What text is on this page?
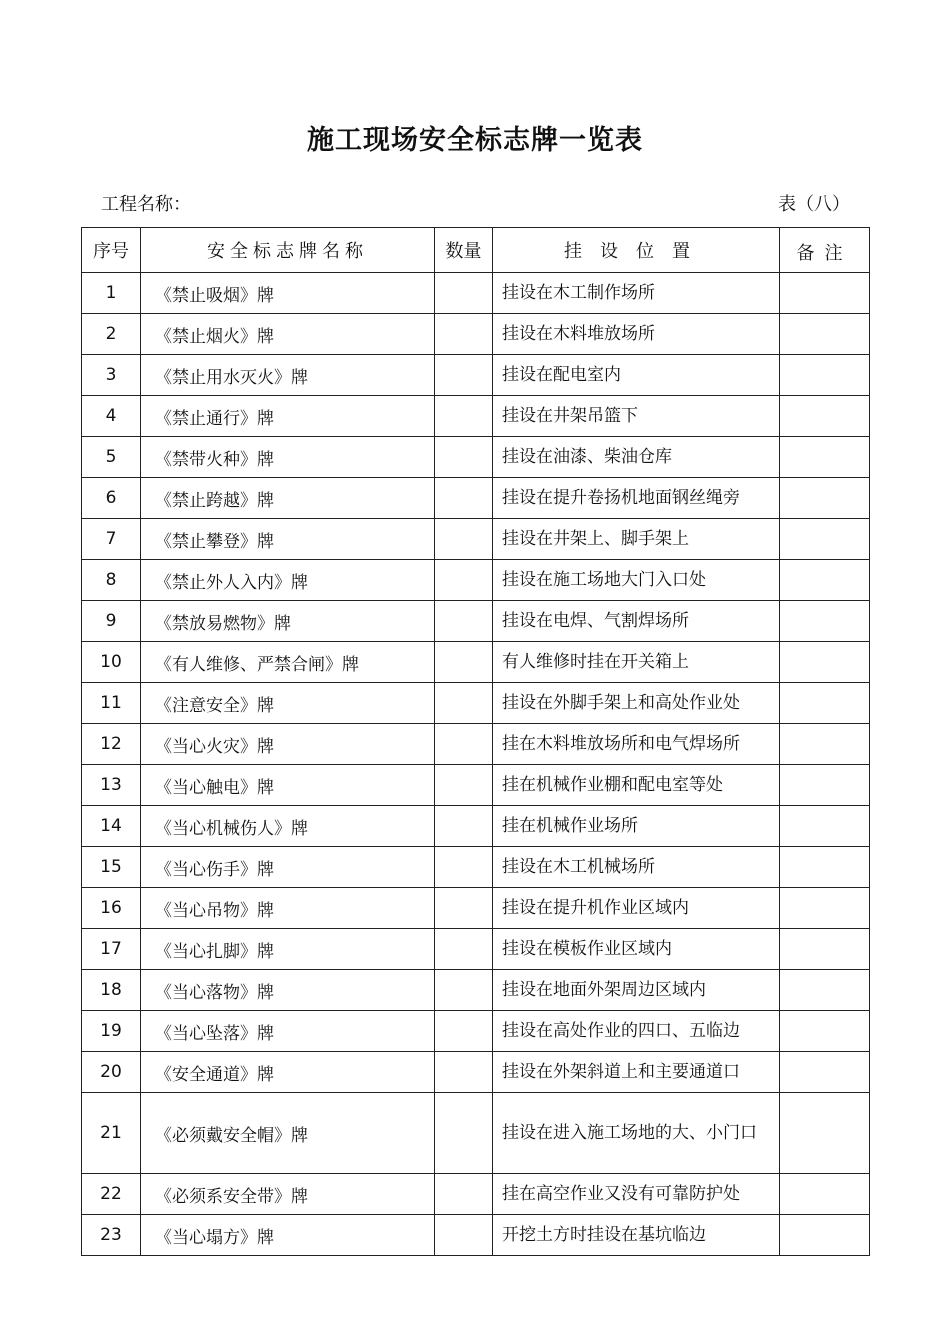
施工现场安全标志牌一览表
工程名称：	表（八）
序号	安全标志牌名称	数量	挂设位置	备注
1	《禁止吸烟》牌		挂设在木工制作场所	
2	《禁止烟火》牌		挂设在木料堆放场所	
3	《禁止用水灭火》牌		挂设在配电室内	
4	《禁止通行》牌		挂设在井架吊篮下	
5	《禁带火种》牌		挂设在油漆、柴油仓库	
6	《禁止跨越》牌		挂设在提升卷扬机地面钢丝绳旁	
7	《禁止攀登》牌		挂设在井架上、脚手架上	
8	《禁止外人入内》牌		挂设在施工场地大门入口处	
9	《禁放易燃物》牌		挂设在电焊、气割焊场所	
10	《有人维修、严禁合闸》牌		有人维修时挂在开关箱上	
11	《注意安全》牌		挂设在外脚手架上和高处作业处	
12	《当心火灾》牌		挂在木料堆放场所和电气焊场所	
13	《当心触电》牌		挂在机械作业棚和配电室等处	
14	《当心机械伤人》牌		挂在机械作业场所	
15	《当心伤手》牌		挂设在木工机械场所	
16	《当心吊物》牌		挂设在提升机作业区域内	
17	《当心扎脚》牌		挂设在模板作业区域内	
18	《当心落物》牌		挂设在地面外架周边区域内	
19	《当心坠落》牌		挂设在高处作业的四口、五临边	
20	《安全通道》牌		挂设在外架斜道上和主要通道口	
21	《必须戴安全帽》牌		挂设在进入施工场地的大、小门口	
22	《必须系安全带》牌		挂在高空作业又没有可靠防护处	
23	《当心塌方》牌		开挖土方时挂设在基坑临边	
